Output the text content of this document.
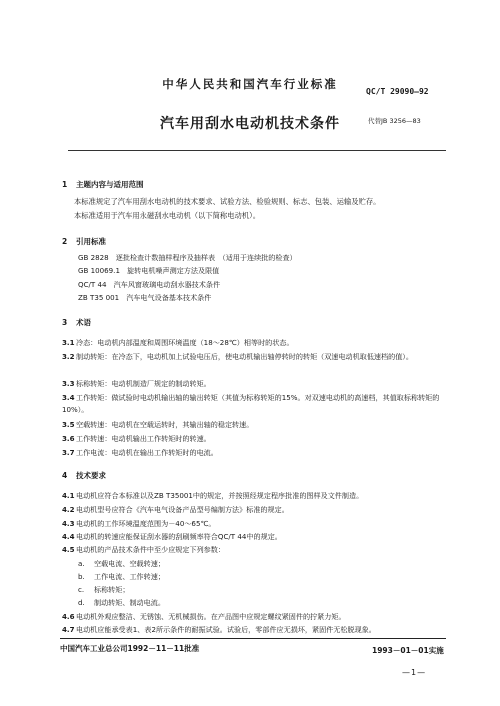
中华人民共和国汽车行业标准
QC/T 29090—92
汽车用刮水电动机技术条件	代替JB 3256—83
1 主题内容与适用范围
本标准规定了汽车用刮水电动机的技术要求、试验方法、检验规则、标志、包装、运输及贮存。
本标准适用于汽车用永磁刮水电动机（以下简称电动机）。
2 引用标准
GB 2828　逐批检查计数抽样程序及抽样表　（适用于连续批的检查）
GB 10069.1　旋转电机噪声测定方法及限值
QC/T 44　汽车风窗玻璃电动刮水器技术条件
ZB T35 001　汽车电气设备基本技术条件
3 术语
3.1冷态：电动机内部温度和周围环境温度（18～28℃）相等时的状态。
3.2制动转矩：在冷态下，电动机加上试验电压后，使电动机输出轴停转时的转矩（双速电动机取低速档的值）。
3.3标称转矩：电动机制造厂规定的制动转矩。
3.4工作转矩：做试验时电动机输出轴的输出转矩（其值为标称转矩的15%。对双速电动机的高速档，其值取标称转矩的10%）。
3.5空载转速：电动机在空载运转时，其输出轴的稳定转速。
3.6工作转速：电动机输出工作转矩时的转速。
3.7工作电流：电动机在输出工作转矩时的电流。
4 技术要求
4.1电动机应符合本标准以及ZB T35001中的规定，并按照经规定程序批准的图样及文件制造。
4.2电动机型号应符合《汽车电气设备产品型号编制方法》标准的规定。
4.3电动机的工作环境温度范围为－40～65℃。
4.4电动机的转速应能保证刮水器的刮刷频率符合QC/T 44中的规定。
4.5电动机的产品技术条件中至少应规定下列参数：
a. 空载电流、空载转速；
b. 工作电流、工作转速；
c. 标称转矩；
d. 制动转矩、制动电流。
4.6电动机外观应整洁、无锈蚀、无机械损伤。在产品图中应规定螺纹紧固件的拧紧力矩。
4.7电动机应能承受表1、表2所示条件的耐振试验。试验后，零部件应无损坏，紧固件无松脱现象。
中国汽车工业总公司1992－11－11批准	1993－01－01实施
—1—
